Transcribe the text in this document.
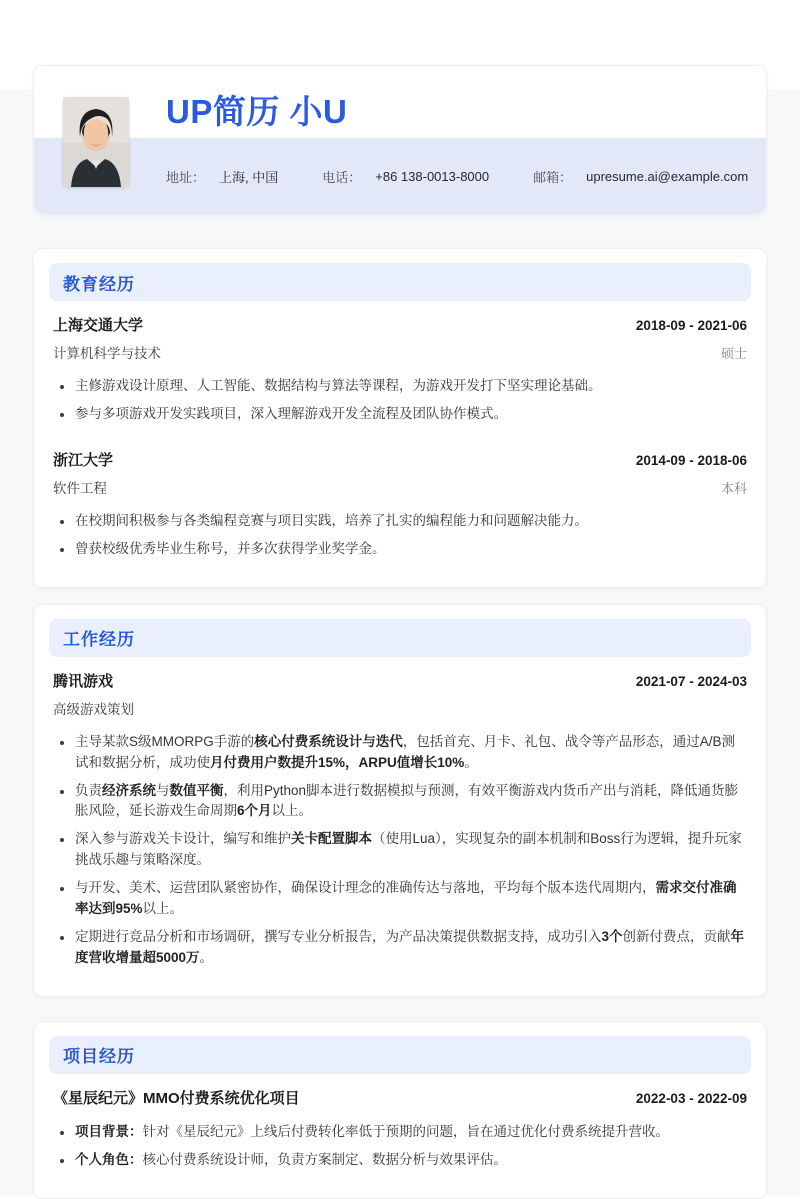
UP简历 小U
地址： 上海, 中国	电话： +86 138-0013-8000	邮箱： upresume.ai@example.com
教育经历
上海交通大学	2018-09 - 2021-06
计算机科学与技术	硕士
主修游戏设计原理、人工智能、数据结构与算法等课程，为游戏开发打下坚实理论基础。
参与多项游戏开发实践项目，深入理解游戏开发全流程及团队协作模式。
浙江大学	2014-09 - 2018-06
软件工程	本科
在校期间积极参与各类编程竞赛与项目实践，培养了扎实的编程能力和问题解决能力。
曾获校级优秀毕业生称号，并多次获得学业奖学金。
工作经历
腾讯游戏	2021-07 - 2024-03
高级游戏策划
主导某款S级MMORPG手游的核心付费系统设计与迭代，包括首充、月卡、礼包、战令等产品形态，通过A/B测试和数据分析，成功使月付费用户数提升15%，ARPU值增长10%。
负责经济系统与数值平衡，利用Python脚本进行数据模拟与预测，有效平衡游戏内货币产出与消耗，降低通货膨胀风险，延长游戏生命周期6个月以上。
深入参与游戏关卡设计，编写和维护关卡配置脚本（使用Lua），实现复杂的副本机制和Boss行为逻辑，提升玩家挑战乐趣与策略深度。
与开发、美术、运营团队紧密协作，确保设计理念的准确传达与落地，平均每个版本迭代周期内，需求交付准确率达到95%以上。
定期进行竞品分析和市场调研，撰写专业分析报告，为产品决策提供数据支持，成功引入3个创新付费点，贡献年度营收增量超5000万。
项目经历
《星辰纪元》MMO付费系统优化项目	2022-03 - 2022-09
项目背景：针对《星辰纪元》上线后付费转化率低于预期的问题，旨在通过优化付费系统提升营收。
个人角色：核心付费系统设计师，负责方案制定、数据分析与效果评估。
